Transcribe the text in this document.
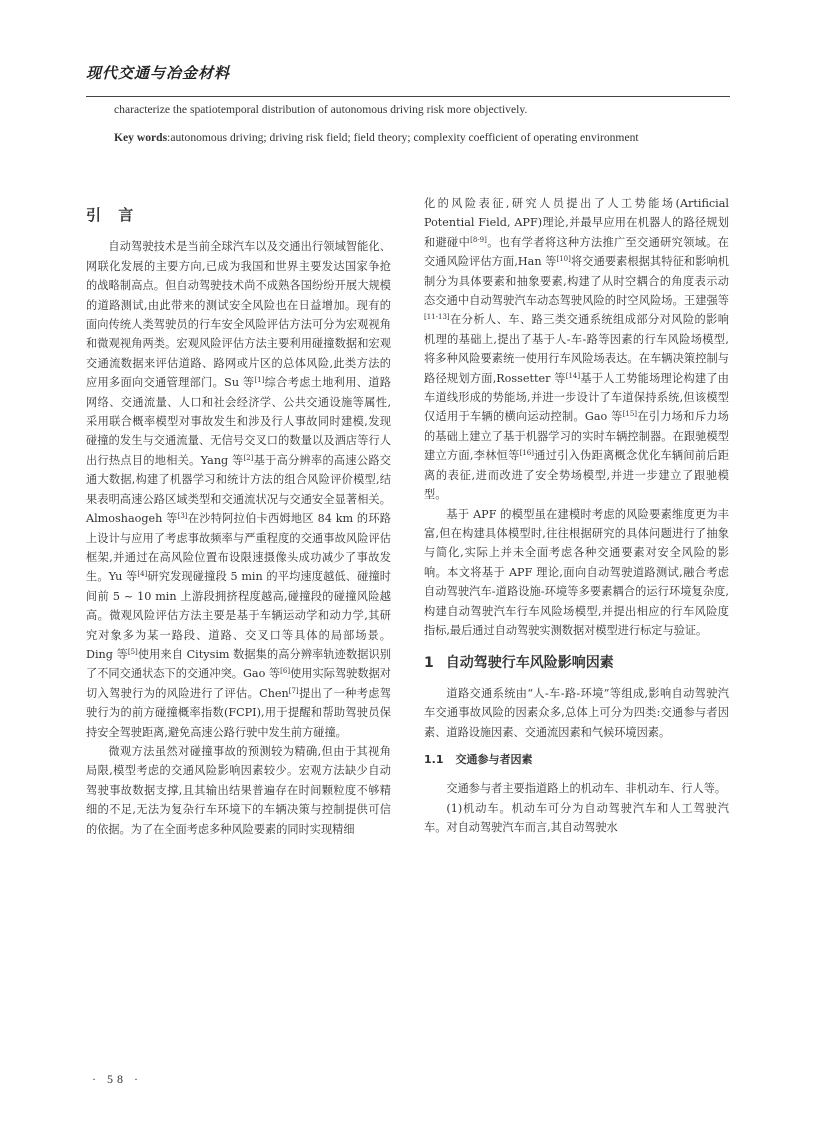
现代交通与冶金材料
characterize the spatiotemporal distribution of autonomous driving risk more objectively.
Key words :autonomous driving; driving risk field; field theory; complexity coefficient of operating environment
引 言

自动驾驶技术是当前全球汽车以及交通出行领域智能化、网联化发展的主要方向,已成为我国和世界主要发达国家争抢的战略制高点。但自动驾驶技术尚不成熟各国纷纷开展大规模的道路测试,由此带来的测试安全风险也在日益增加。现有的面向传统人类驾驶员的行车安全风险评估方法可分为宏观视角和微观视角两类。宏观风险评估方法主要利用碰撞数据和宏观交通流数据来评估道路、路网或片区的总体风险,此类方法的应用多面向交通管理部门。Su 等[1]综合考虑土地利用、道路网络、交通流量、人口和社会经济学、公共交通设施等属性,采用联合概率模型对事故发生和涉及行人事故同时建模,发现碰撞的发生与交通流量、无信号交叉口的数量以及酒店等行人出行热点目的地相关。Yang 等[2]基于高分辨率的高速公路交通大数据,构建了机器学习和统计方法的组合风险评价模型,结果表明高速公路区域类型和交通流状况与交通安全显著相关。Almoshaogeh 等[3]在沙特阿拉伯卡西姆地区 84 km 的环路上设计与应用了考虑事故频率与严重程度的交通事故风险评估框架,并通过在高风险位置布设限速摄像头成功减少了事故发生。Yu 等[4]研究发现碰撞段 5 min 的平均速度越低、碰撞时间前 5 ~ 10 min 上游段拥挤程度越高,碰撞段的碰撞风险越高。微观风险评估方法主要是基于车辆运动学和动力学,其研究对象多为某一路段、道路、交叉口等具体的局部场景。Ding 等[5]使用来自 Citysim 数据集的高分辨率轨迹数据识别了不同交通状态下的交通冲突。Gao 等[6]使用实际驾驶数据对切入驾驶行为的风险进行了评估。Chen[7]提出了一种考虑驾驶行为的前方碰撞概率指数(FCPI),用于提醒和帮助驾驶员保持安全驾驶距离,避免高速公路行驶中发生前方碰撞。

微观方法虽然对碰撞事故的预测较为精确,但由于其视角局限,模型考虑的交通风险影响因素较少。宏观方法缺少自动驾驶事故数据支撑,且其输出结果普遍存在时间颗粒度不够精细的不足,无法为复杂行车环境下的车辆决策与控制提供可信的依据。为了在全面考虑多种风险要素的同时实现精细

化的风险表征,研究人员提出了人工势能场(Artificial Potential Field, APF)理论,并最早应用在机器人的路径规划和避碰中[8-9]。也有学者将这种方法推广至交通研究领域。在交通风险评估方面,Han 等[10]将交通要素根据其特征和影响机制分为具体要素和抽象要素,构建了从时空耦合的角度表示动态交通中自动驾驶汽车动态驾驶风险的时空风险场。王建强等[11-13]在分析人、车、路三类交通系统组成部分对风险的影响机理的基础上,提出了基于人-车-路等因素的行车风险场模型,将多种风险要素统一使用行车风险场表达。在车辆决策控制与路径规划方面,Rossetter 等[14]基于人工势能场理论构建了由车道线形成的势能场,并进一步设计了车道保持系统,但该模型仅适用于车辆的横向运动控制。Gao 等[15]在引力场和斥力场的基础上建立了基于机器学习的实时车辆控制器。在跟驰模型建立方面,李林恒等[16]通过引入伪距离概念优化车辆间前后距离的表征,进而改进了安全势场模型,并进一步建立了跟驰模型。

基于 APF 的模型虽在建模时考虑的风险要素维度更为丰富,但在构建具体模型时,往往根据研究的具体问题进行了抽象与简化,实际上并未全面考虑各种交通要素对安全风险的影响。本文将基于 APF 理论,面向自动驾驶道路测试,融合考虑自动驾驶汽车-道路设施-环境等多要素耦合的运行环境复杂度,构建自动驾驶汽车行车风险场模型,并提出相应的行车风险度指标,最后通过自动驾驶实测数据对模型进行标定与验证。

1 自动驾驶行车风险影响因素

道路交通系统由“人-车-路-环境”等组成,影响自动驾驶汽车交通事故风险的因素众多,总体上可分为四类:交通参与者因素、道路设施因素、交通流因素和气候环境因素。

1.1 交通参与者因素

交通参与者主要指道路上的机动车、非机动车、行人等。

(1)机动车。机动车可分为自动驾驶汽车和人工驾驶汽车。对自动驾驶汽车而言,其自动驾驶水

· 58 ·
